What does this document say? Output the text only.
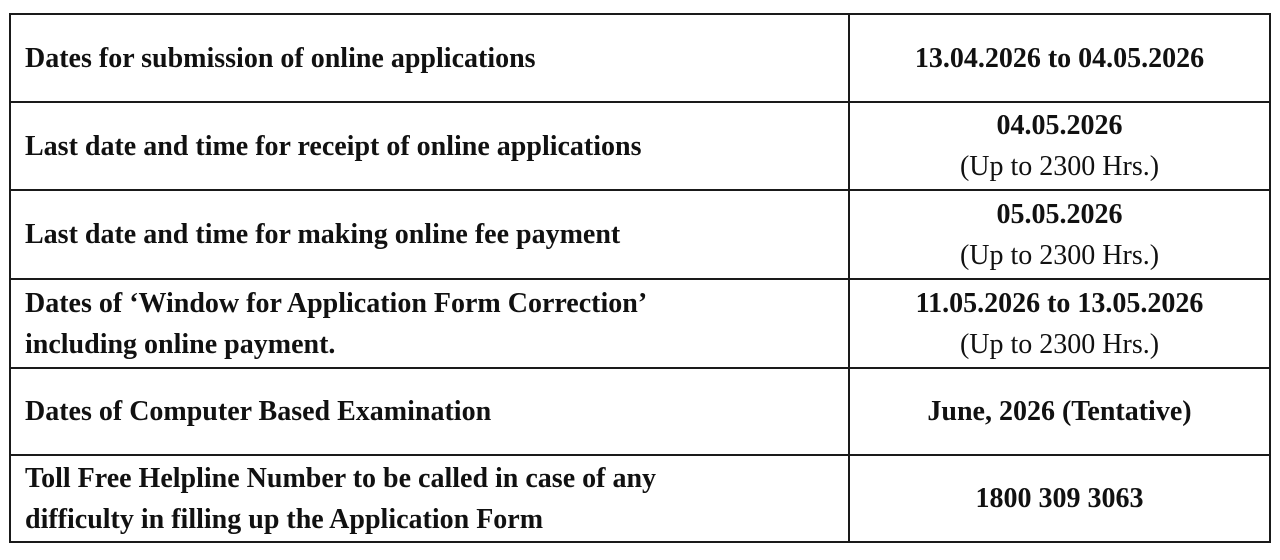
Dates for submission of online applications	13.04.2026 to 04.05.2026

Last date and time for receipt of online applications	04.05.2026
(Up to 2300 Hrs.)

Last date and time for making online fee payment	05.05.2026
(Up to 2300 Hrs.)

Dates of ‘Window for Application Form Correction’
including online payment.	11.05.2026 to 13.05.2026
(Up to 2300 Hrs.)

Dates of Computer Based Examination	June, 2026 (Tentative)

Toll Free Helpline Number to be called in case of any
difficulty in filling up the Application Form	1800 309 3063
